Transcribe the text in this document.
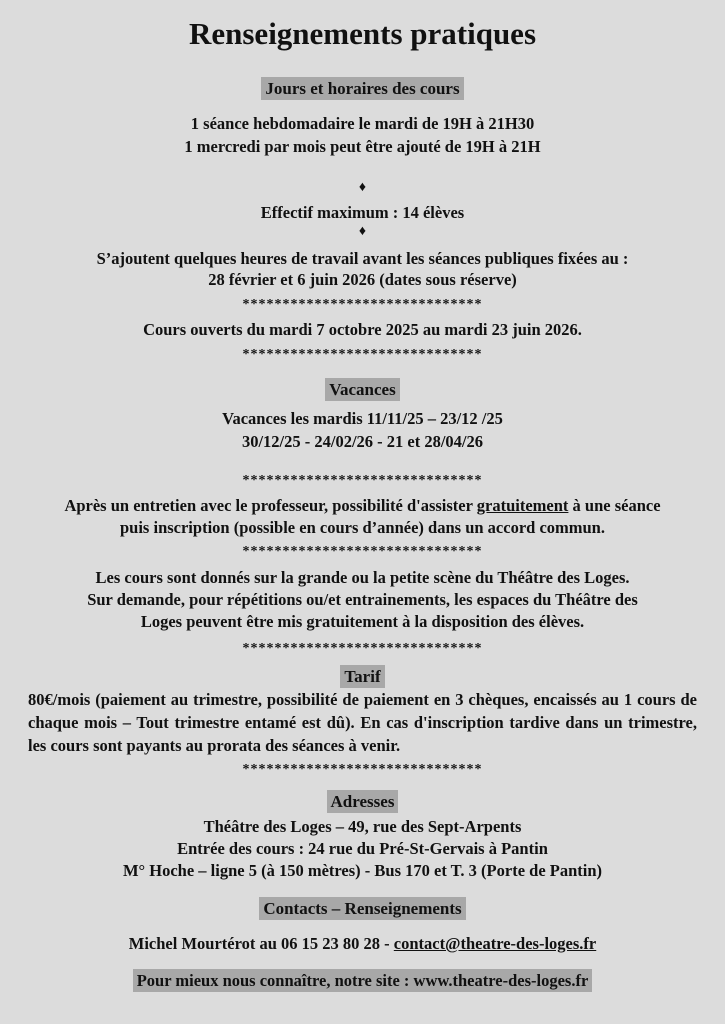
Renseignements pratiques
Jours et horaires des cours
1 séance hebdomadaire le mardi de 19H à 21H30
1 mercredi par mois peut être ajouté de 19H à 21H
♦
Effectif maximum : 14 élèves
♦
S’ajoutent quelques heures de travail avant les séances publiques fixées au :
28 février et 6 juin 2026 (dates sous réserve)
******************************
Cours ouverts du mardi 7 octobre 2025 au mardi 23 juin 2026.
******************************
Vacances
Vacances les mardis 11/11/25 – 23/12 /25
30/12/25 - 24/02/26 - 21 et 28/04/26
******************************
Après un entretien avec le professeur, possibilité d'assister gratuitement à une séance
puis inscription (possible en cours d’année) dans un accord commun.
******************************
Les cours sont donnés sur la grande ou la petite scène du Théâtre des Loges.
Sur demande, pour répétitions ou/et entrainements, les espaces du Théâtre des
Loges peuvent être mis gratuitement à la disposition des élèves.
******************************
Tarif
80€/mois (paiement au trimestre, possibilité de paiement en 3 chèques, encaissés au 1 cours de chaque mois – Tout trimestre entamé est dû). En cas d'inscription tardive dans un trimestre, les cours sont payants au prorata des séances à venir.
******************************
Adresses
Théâtre des Loges – 49, rue des Sept-Arpents
Entrée des cours : 24 rue du Pré-St-Gervais à Pantin
M° Hoche – ligne 5 (à 150 mètres) - Bus 170 et T. 3 (Porte de Pantin)
Contacts – Renseignements
Michel Mourtérot au 06 15 23 80 28 - contact@theatre-des-loges.fr
Pour mieux nous connaître, notre site : www.theatre-des-loges.fr
